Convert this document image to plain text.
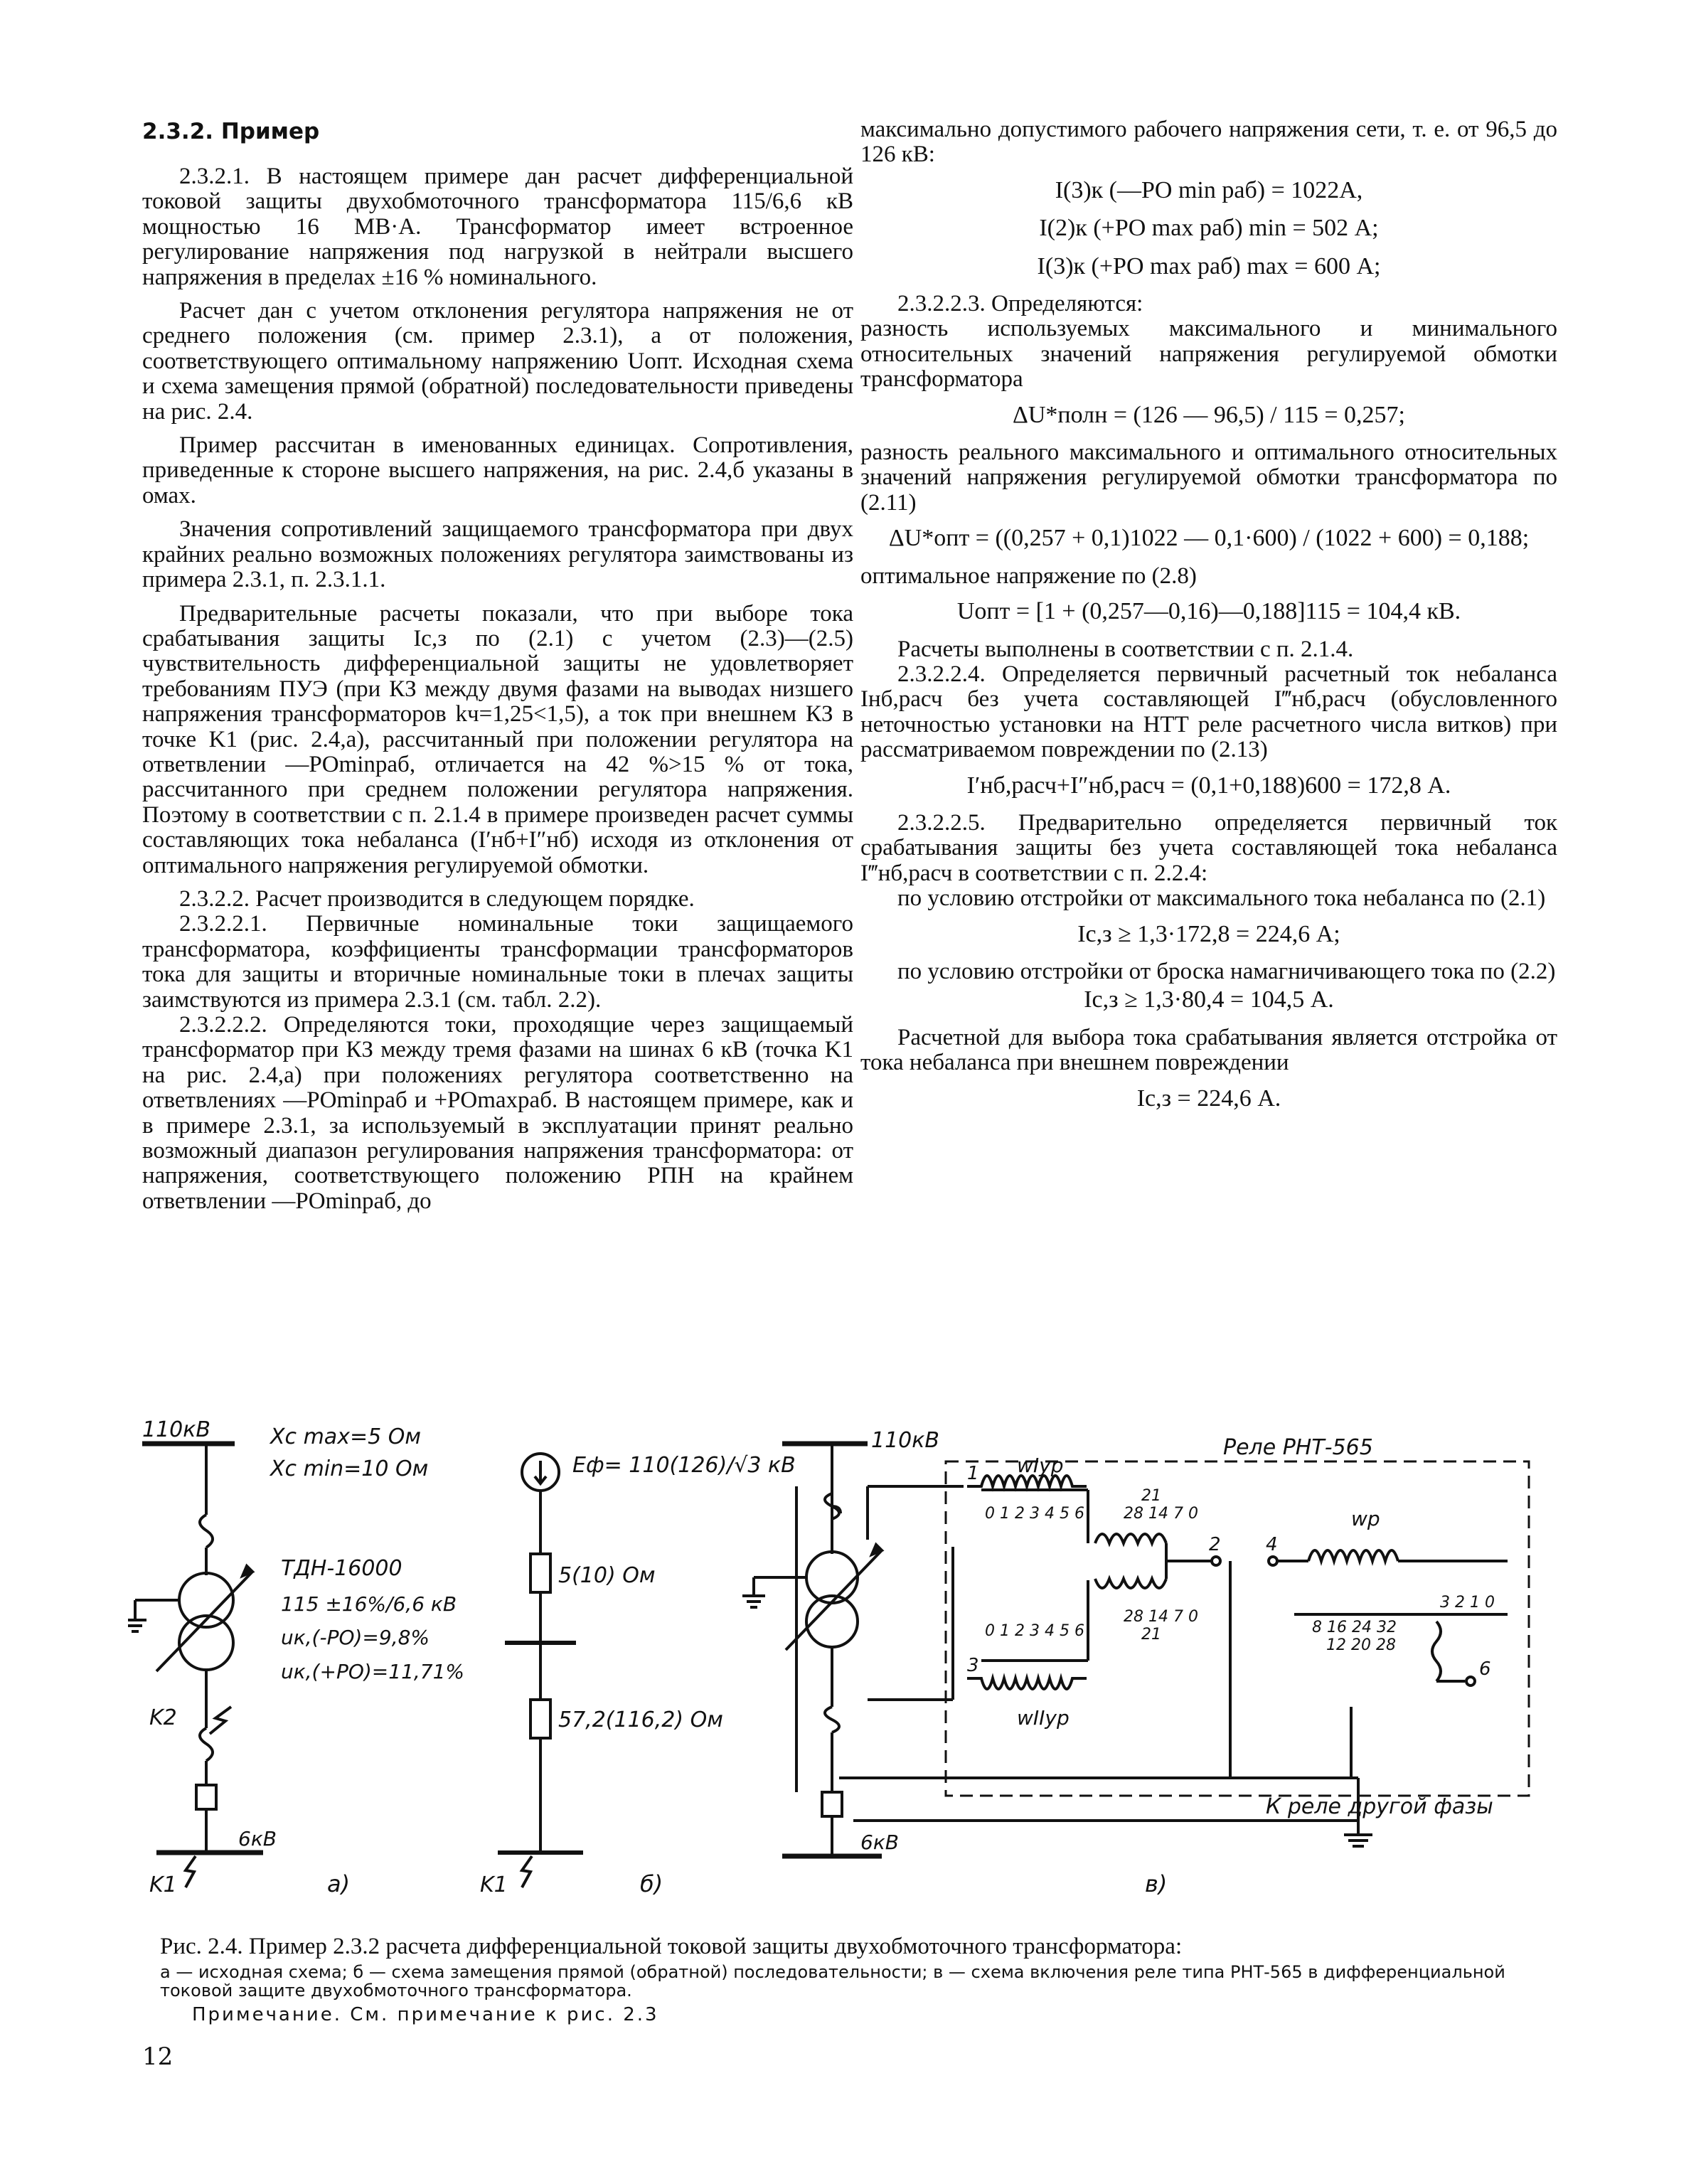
2.3.2. Пример

2.3.2.1. В настоящем примере дан расчет дифференциальной токовой защиты двухобмоточного трансформатора 115/6,6 кВ мощностью 16 МВ·А. Трансформатор имеет встроенное регулирование напряжения под нагрузкой в нейтрали высшего напряжения в пределах ±16 % номинального.

Расчет дан с учетом отклонения регулятора напряжения не от среднего положения (см. пример 2.3.1), а от положения, соответствующего оптимальному напряжению Uопт. Исходная схема и схема замещения прямой (обратной) последовательности приведены на рис. 2.4.

Пример рассчитан в именованных единицах. Сопротивления, приведенные к стороне высшего напряжения, на рис. 2.4,б указаны в омах.

Значения сопротивлений защищаемого трансформатора при двух крайних реально возможных положениях регулятора заимствованы из примера 2.3.1, п. 2.3.1.1.

Предварительные расчеты показали, что при выборе тока срабатывания защиты Iс,з по (2.1) с учетом (2.3)—(2.5) чувствительность дифференциальной защиты не удовлетворяет требованиям ПУЭ (при КЗ между двумя фазами на выводах низшего напряжения трансформаторов kч=1,25<1,5), а ток при внешнем КЗ в точке K1 (рис. 2.4,а), рассчитанный при положении регулятора на ответвлении —POminраб, отличается на 42 %>15 % от тока, рассчитанного при среднем положении регулятора напряжения. Поэтому в соответствии с п. 2.1.4 в примере произведен расчет суммы составляющих тока небаланса (I′нб+I″нб) исходя из отклонения от оптимального напряжения регулируемой обмотки.

2.3.2.2. Расчет производится в следующем порядке.

2.3.2.2.1. Первичные номинальные токи защищаемого трансформатора, коэффициенты трансформации трансформаторов тока для защиты и вторичные номинальные токи в плечах защиты заимствуются из примера 2.3.1 (см. табл. 2.2).

2.3.2.2.2. Определяются токи, проходящие через защищаемый трансформатор при КЗ между тремя фазами на шинах 6 кВ (точка K1 на рис. 2.4,а) при положениях регулятора соответственно на ответвлениях —POminраб и +POmaxраб. В настоящем примере, как и в примере 2.3.1, за используемый в эксплуатации принят реально возможный диапазон регулирования напряжения трансформатора: от напряжения, соответствующего положению РПН на крайнем ответвлении —POminраб, до

максимально допустимого рабочего напряжения сети, т. е. от 96,5 до 126 кВ:

I(3)к (—PO min раб) = 1022А,
I(2)к (+PO max раб) min = 502 А;
I(3)к (+PO max раб) max = 600 А;

2.3.2.2.3. Определяются:

разность используемых максимального и минимального относительных значений напряжения регулируемой обмотки трансформатора

ΔU*полн = (126 — 96,5) / 115 = 0,257;

разность реального максимального и оптимального относительных значений напряжения регулируемой обмотки трансформатора по (2.11)

ΔU*опт = ((0,257 + 0,1)1022 — 0,1·600) / (1022 + 600) = 0,188;

оптимальное напряжение по (2.8)

Uопт = [1 + (0,257—0,16)—0,188]115 = 104,4 кВ.

Расчеты выполнены в соответствии с п. 2.1.4.

2.3.2.2.4. Определяется первичный расчетный ток небаланса Iнб,расч без учета составляющей I‴нб,расч (обусловленного неточностью установки на НТТ реле расчетного числа витков) при рассматриваемом повреждении по (2.13)

I′нб,расч+I″нб,расч = (0,1+0,188)600 = 172,8 А.

2.3.2.2.5. Предварительно определяется первичный ток срабатывания защиты без учета составляющей тока небаланса I‴нб,расч в соответствии с п. 2.2.4:

по условию отстройки от максимального тока небаланса по (2.1)

Iс,з ≥ 1,3·172,8 = 224,6 А;

по условию отстройки от броска намагничивающего тока по (2.2)

Iс,з ≥ 1,3·80,4 = 104,5 А.

Расчетной для выбора тока срабатывания является отстройка от тока небаланса при внешнем повреждении

Iс,з = 224,6 А.
110кВ	Xс max=5 Ом
Xс min=10 Ом
ТДН-16000
115 ±16%/6,6 кВ
uк,(-PO)=9,8%
uк,(+PO)=11,71%
K2
6кВ
K1	а)
Eф= 110(126)/√3 кВ
5(10) Ом
57,2(116,2) Ом
K1	б)
110кВ	Реле РНТ-565
wIур
wIIур
wр
0 1 2 3 4 5 6
0 1 2 3 4 5 6
21
28 14 7 0
28 14 7 0
21
3 2 1 0
8 16 24 32
12 20 28
1
2
3
4
6
6кВ
К реле другой фазы
в)
Рис. 2.4. Пример 2.3.2 расчета дифференциальной токовой защиты двухобмоточного трансформатора:
а — исходная схема; б — схема замещения прямой (обратной) последовательности; в — схема включения реле типа РНТ-565 в дифференциальной токовой защите двухобмоточного трансформатора.
Примечание. См. примечание к рис. 2.3
12
